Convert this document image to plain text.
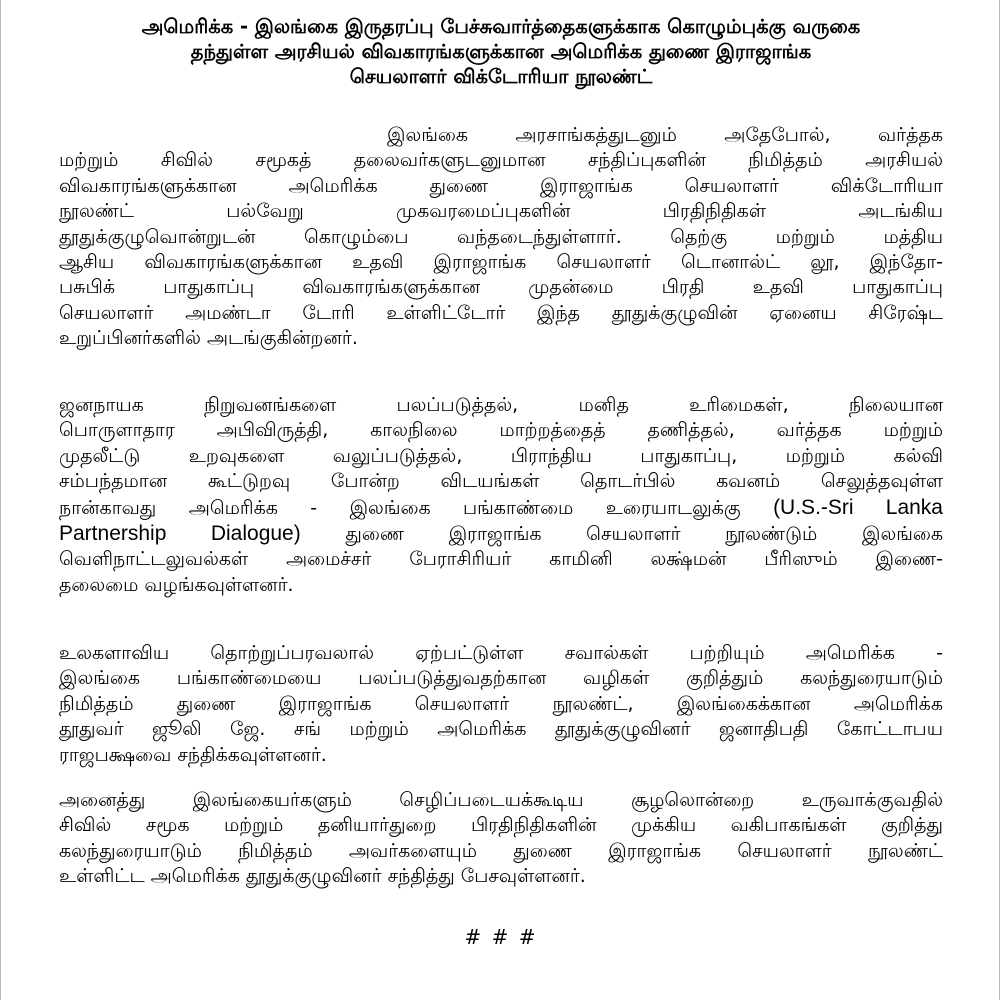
அமெரிக்க - இலங்கை இருதரப்பு பேச்சுவார்த்தைகளுக்காக கொழும்புக்கு வருகை
தந்துள்ள அரசியல் விவகாரங்களுக்கான அமெரிக்க துணை இராஜாங்க
செயலாளர் விக்டோரியா நூலண்ட்
இலங்கை அரசாங்கத்துடனும் அதேபோல், வர்த்தக
மற்றும் சிவில் சமூகத் தலைவர்களுடனுமான சந்திப்புகளின் நிமித்தம் அரசியல்
விவகாரங்களுக்கான அமெரிக்க துணை இராஜாங்க செயலாளர் விக்டோரியா
நூலண்ட் பல்வேறு முகவரமைப்புகளின் பிரதிநிதிகள் அடங்கிய
தூதுக்குழுவொன்றுடன் கொழும்பை வந்தடைந்துள்ளார். தெற்கு மற்றும் மத்திய
ஆசிய விவகாரங்களுக்கான உதவி இராஜாங்க செயலாளர் டொனால்ட் லூ, இந்தோ-
பசுபிக் பாதுகாப்பு விவகாரங்களுக்கான முதன்மை பிரதி உதவி பாதுகாப்பு
செயலாளர் அமண்டா டோரி உள்ளிட்டோர் இந்த தூதுக்குழுவின் ஏனைய சிரேஷ்ட
உறுப்பினர்களில் அடங்குகின்றனர்.
ஜனநாயக நிறுவனங்களை பலப்படுத்தல், மனித உரிமைகள், நிலையான
பொருளாதார அபிவிருத்தி, காலநிலை மாற்றத்தைத் தணித்தல், வர்த்தக மற்றும்
முதலீட்டு உறவுகளை வலுப்படுத்தல், பிராந்திய பாதுகாப்பு, மற்றும் கல்வி
சம்பந்தமான கூட்டுறவு போன்ற விடயங்கள் தொடர்பில் கவனம் செலுத்தவுள்ள
நான்காவது அமெரிக்க - இலங்கை பங்காண்மை உரையாடலுக்கு (U.S.-Sri Lanka
Partnership Dialogue) துணை இராஜாங்க செயலாளர் நூலண்டும் இலங்கை
வெளிநாட்டலுவல்கள் அமைச்சர் பேராசிரியர் காமினி லக்ஷ்மன் பீரிஸும் இணை-
தலைமை வழங்கவுள்ளனர்.
உலகளாவிய தொற்றுப்பரவலால் ஏற்பட்டுள்ள சவால்கள் பற்றியும் அமெரிக்க -
இலங்கை பங்காண்மையை பலப்படுத்துவதற்கான வழிகள் குறித்தும் கலந்துரையாடும்
நிமித்தம் துணை இராஜாங்க செயலாளர் நூலண்ட், இலங்கைக்கான அமெரிக்க
தூதுவர் ஜூலி ஜே. சங் மற்றும் அமெரிக்க தூதுக்குழுவினர் ஜனாதிபதி கோட்டாபய
ராஜபக்ஷவை சந்திக்கவுள்ளனர்.
அனைத்து இலங்கையர்களும் செழிப்படையக்கூடிய சூழலொன்றை உருவாக்குவதில்
சிவில் சமூக மற்றும் தனியார்துறை பிரதிநிதிகளின் முக்கிய வகிபாகங்கள் குறித்து
கலந்துரையாடும் நிமித்தம் அவர்களையும் துணை இராஜாங்க செயலாளர் நூலண்ட்
உள்ளிட்ட அமெரிக்க தூதுக்குழுவினர் சந்தித்து பேசவுள்ளனர்.
# # #
